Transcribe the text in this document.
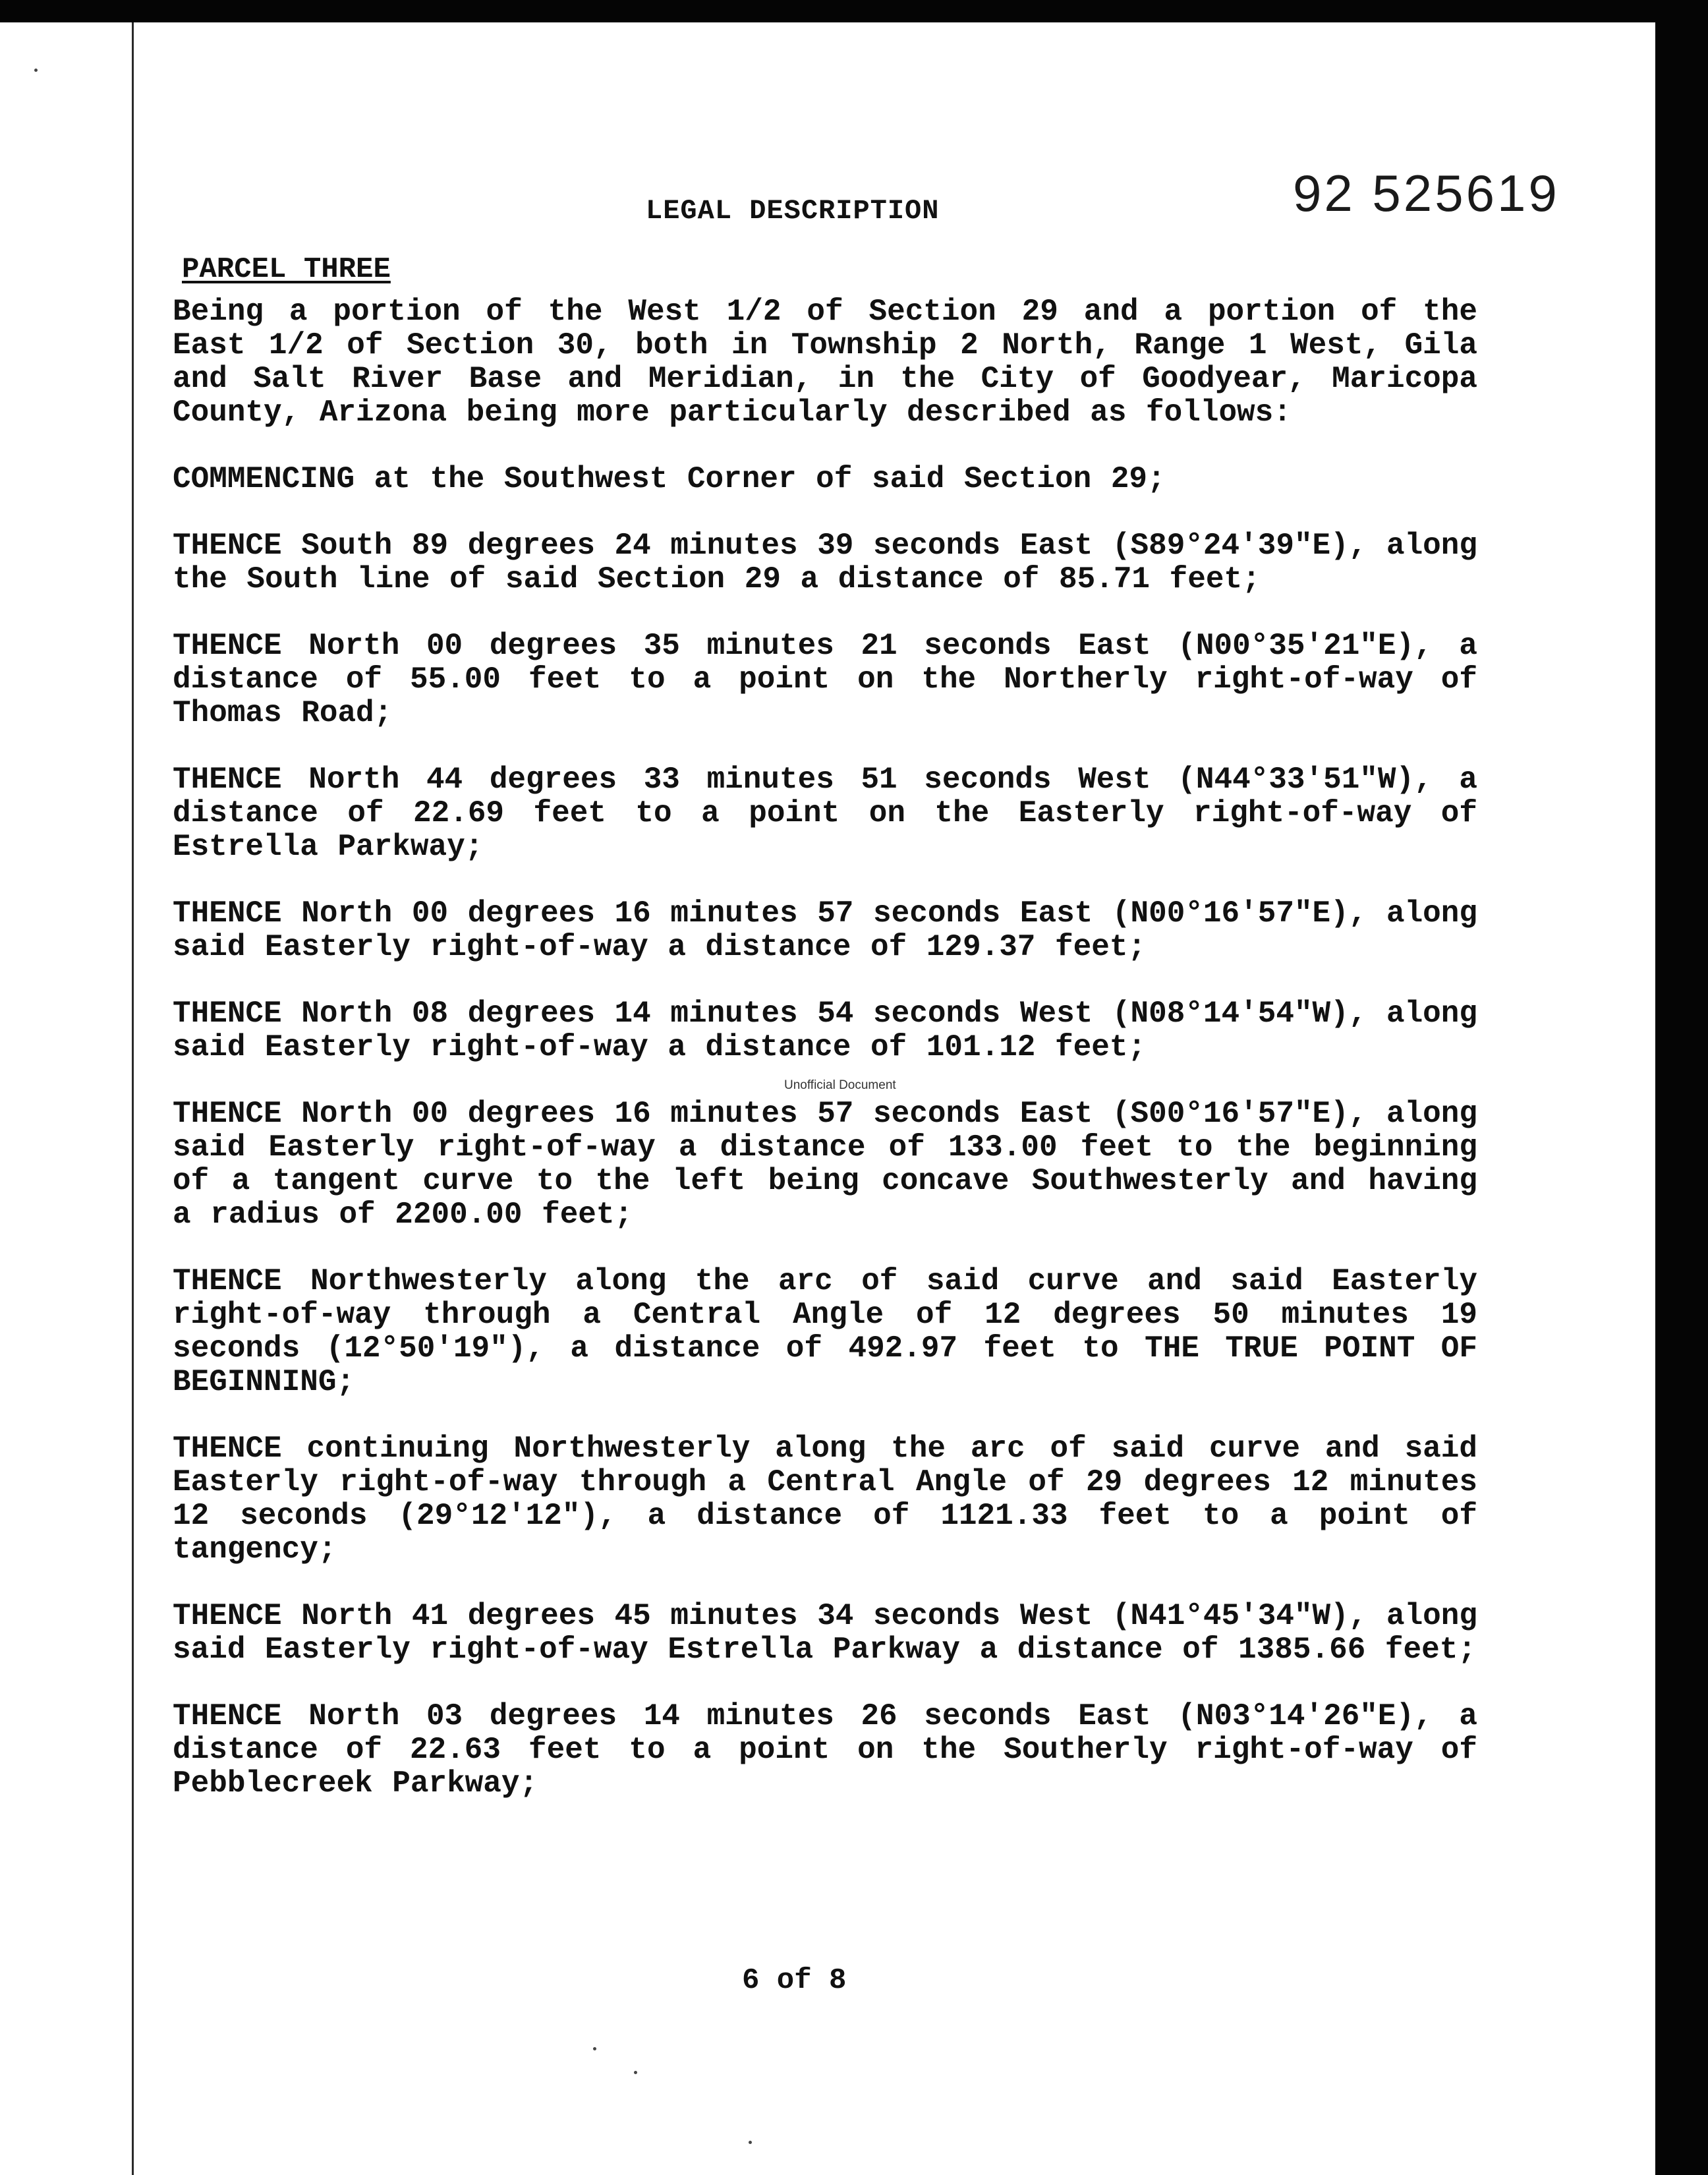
LEGAL DESCRIPTION	92 525619
PARCEL THREE

Being a portion of the West 1/2 of Section 29 and a portion of the East 1/2 of Section 30, both in Township 2 North, Range 1 West, Gila and Salt River Base and Meridian, in the City of Goodyear, Maricopa County, Arizona being more particularly described as follows:

COMMENCING at the Southwest Corner of said Section 29;

THENCE South 89 degrees 24 minutes 39 seconds East (S89°24'39"E), along the South line of said Section 29 a distance of 85.71 feet;

THENCE North 00 degrees 35 minutes 21 seconds East (N00°35'21"E), a distance of 55.00 feet to a point on the Northerly right-of-way of Thomas Road;

THENCE North 44 degrees 33 minutes 51 seconds West (N44°33'51"W), a distance of 22.69 feet to a point on the Easterly right-of-way of Estrella Parkway;

THENCE North 00 degrees 16 minutes 57 seconds East (N00°16'57"E), along said Easterly right-of-way a distance of 129.37 feet;

THENCE North 08 degrees 14 minutes 54 seconds West (N08°14'54"W), along said Easterly right-of-way a distance of 101.12 feet;

THENCE North 00 degrees 16 minutes 57 seconds East (S00°16'57"E), along said Easterly right-of-way a distance of 133.00 feet to the beginning of a tangent curve to the left being concave Southwesterly and having a radius of 2200.00 feet;

THENCE Northwesterly along the arc of said curve and said Easterly right-of-way through a Central Angle of 12 degrees 50 minutes 19 seconds (12°50'19"), a distance of 492.97 feet to THE TRUE POINT OF BEGINNING;

THENCE continuing Northwesterly along the arc of said curve and said Easterly right-of-way through a Central Angle of 29 degrees 12 minutes 12 seconds (29°12'12"), a distance of 1121.33 feet to a point of tangency;

THENCE North 41 degrees 45 minutes 34 seconds West (N41°45'34"W), along said Easterly right-of-way Estrella Parkway a distance of 1385.66 feet;

THENCE North 03 degrees 14 minutes 26 seconds East (N03°14'26"E), a distance of 22.63 feet to a point on the Southerly right-of-way of Pebblecreek Parkway;

Unofficial Document
6 of 8
